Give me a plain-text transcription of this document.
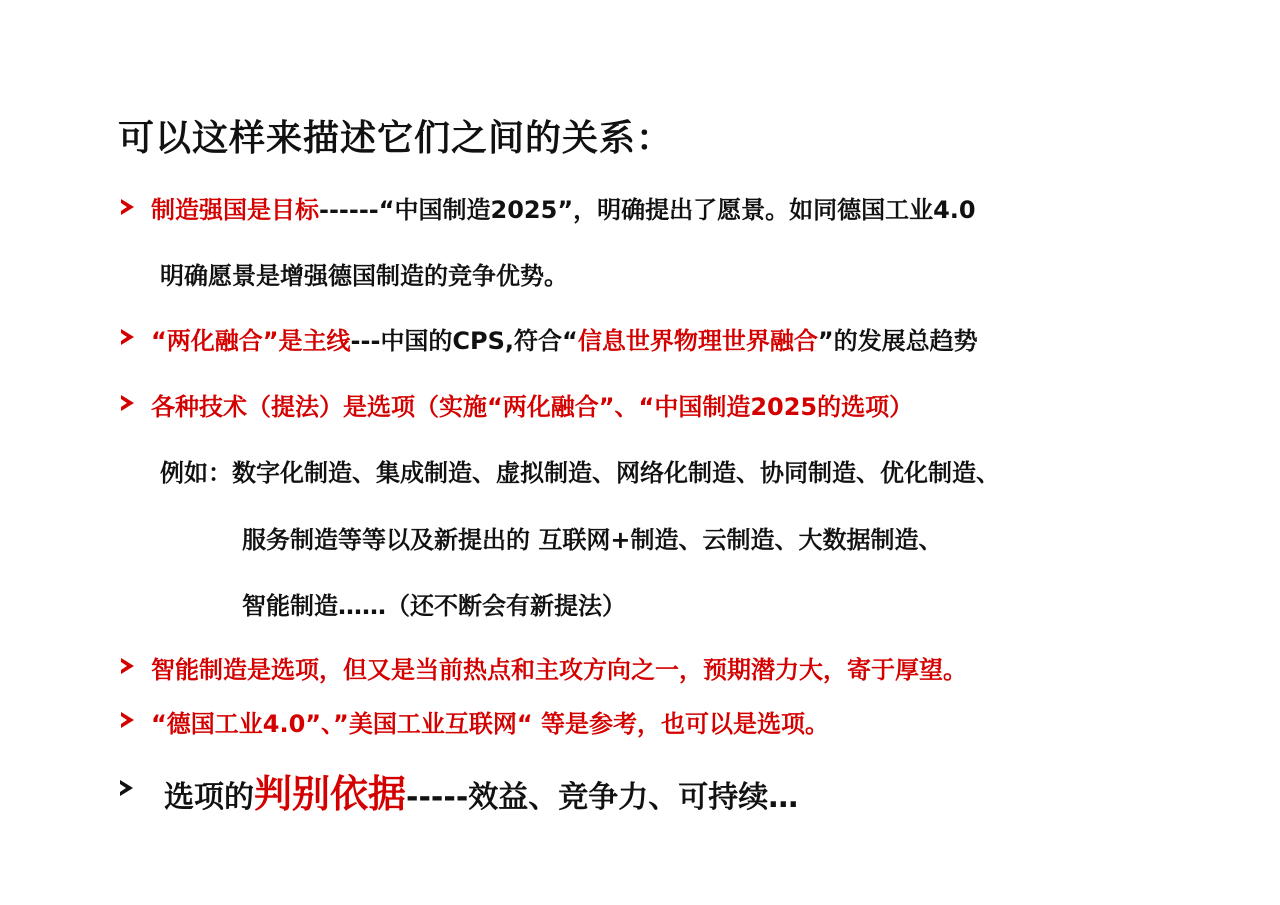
可以这样来描述它们之间的关系：
制造强国是目标------“中国制造2025”，明确提出了愿景。如同德国工业4.0
明确愿景是增强德国制造的竞争优势。
“两化融合”是主线---中国的CPS,符合“信息世界物理世界融合”的发展总趋势
各种技术（提法）是选项（实施“两化融合”、“中国制造2025的选项）
例如：数字化制造、集成制造、虚拟制造、网络化制造、协同制造、优化制造、
服务制造等等以及新提出的 互联网+制造、云制造、大数据制造、
智能制造……（还不断会有新提法）
智能制造是选项，但又是当前热点和主攻方向之一，预期潜力大，寄于厚望。
“德国工业4.0”、”美国工业互联网“ 等是参考，也可以是选项。
选项的判别依据-----效益、竞争力、可持续…
